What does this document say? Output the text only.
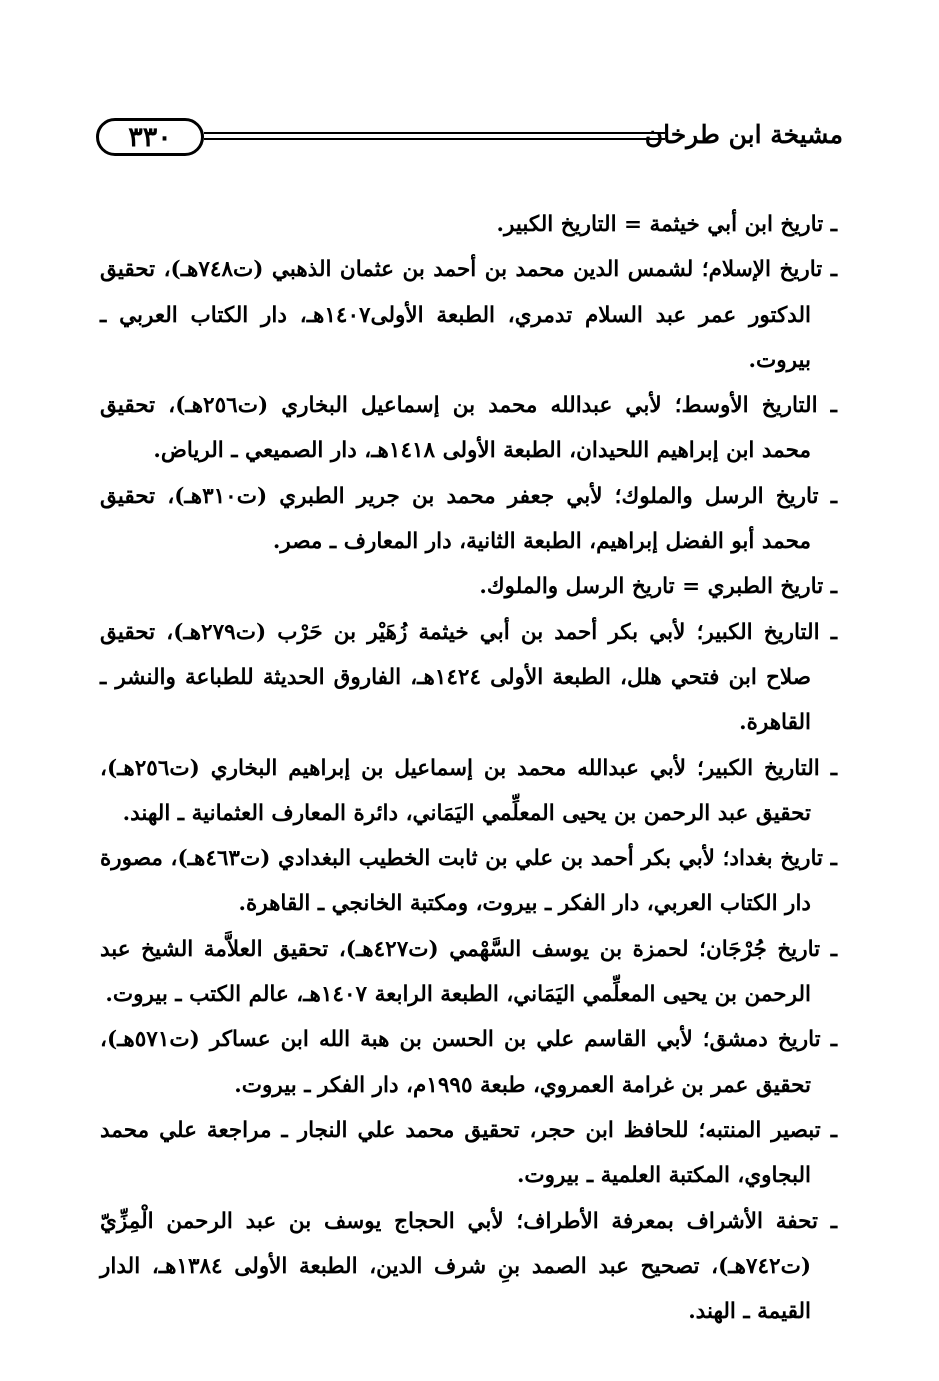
٣٣٠	مشيخة ابن طرخان

ـ تاريخ ابن أبي خيثمة = التاريخ الكبير.

ـ تاريخ الإسلام؛ لشمس الدين محمد بن أحمد بن عثمان الذهبي (ت٧٤٨هـ)، تحقيق الدكتور عمر عبد السلام تدمري، الطبعة الأولى١٤٠٧هـ، دار الكتاب العربي ـ بيروت.

ـ التاريخ الأوسط؛ لأبي عبدالله محمد بن إسماعيل البخاري (ت٢٥٦هـ)، تحقيق محمد ابن إبراهيم اللحيدان، الطبعة الأولى ١٤١٨هـ، دار الصميعي ـ الرياض.

ـ تاريخ الرسل والملوك؛ لأبي جعفر محمد بن جرير الطبري (ت٣١٠هـ)، تحقيق محمد أبو الفضل إبراهيم، الطبعة الثانية، دار المعارف ـ مصر.

ـ تاريخ الطبري = تاريخ الرسل والملوك.

ـ التاريخ الكبير؛ لأبي بكر أحمد بن أبي خيثمة زُهَيْر بن حَرْب (ت٢٧٩هـ)، تحقيق صلاح ابن فتحي هلل، الطبعة الأولى ١٤٢٤هـ، الفاروق الحديثة للطباعة والنشر ـ القاهرة.

ـ التاريخ الكبير؛ لأبي عبدالله محمد بن إسماعيل بن إبراهيم البخاري (ت٢٥٦هـ)، تحقيق عبد الرحمن بن يحيى المعلِّمي اليَمَاني، دائرة المعارف العثمانية ـ الهند.

ـ تاريخ بغداد؛ لأبي بكر أحمد بن علي بن ثابت الخطيب البغدادي (ت٤٦٣هـ)، مصورة دار الكتاب العربي، دار الفكر ـ بيروت، ومكتبة الخانجي ـ القاهرة.

ـ تاريخ جُرْجَان؛ لحمزة بن يوسف السَّهْمي (ت٤٢٧هـ)، تحقيق العلاَّمة الشيخ عبد الرحمن بن يحيى المعلِّمي اليَمَاني، الطبعة الرابعة ١٤٠٧هـ، عالم الكتب ـ بيروت.

ـ تاريخ دمشق؛ لأبي القاسم علي بن الحسن بن هبة الله ابن عساكر (ت٥٧١هـ)، تحقيق عمر بن غرامة العمروي، طبعة ١٩٩٥م، دار الفكر ـ بيروت.

ـ تبصير المنتبه؛ للحافظ ابن حجر، تحقيق محمد علي النجار ـ مراجعة علي محمد البجاوي، المكتبة العلمية ـ بيروت.

ـ تحفة الأشراف بمعرفة الأطراف؛ لأبي الحجاج يوسف بن عبد الرحمن الْمِزِّيّ (ت٧٤٢هـ)، تصحيح عبد الصمد بنِ شرف الدين، الطبعة الأولى ١٣٨٤هـ، الدار القيمة ـ الهند.
